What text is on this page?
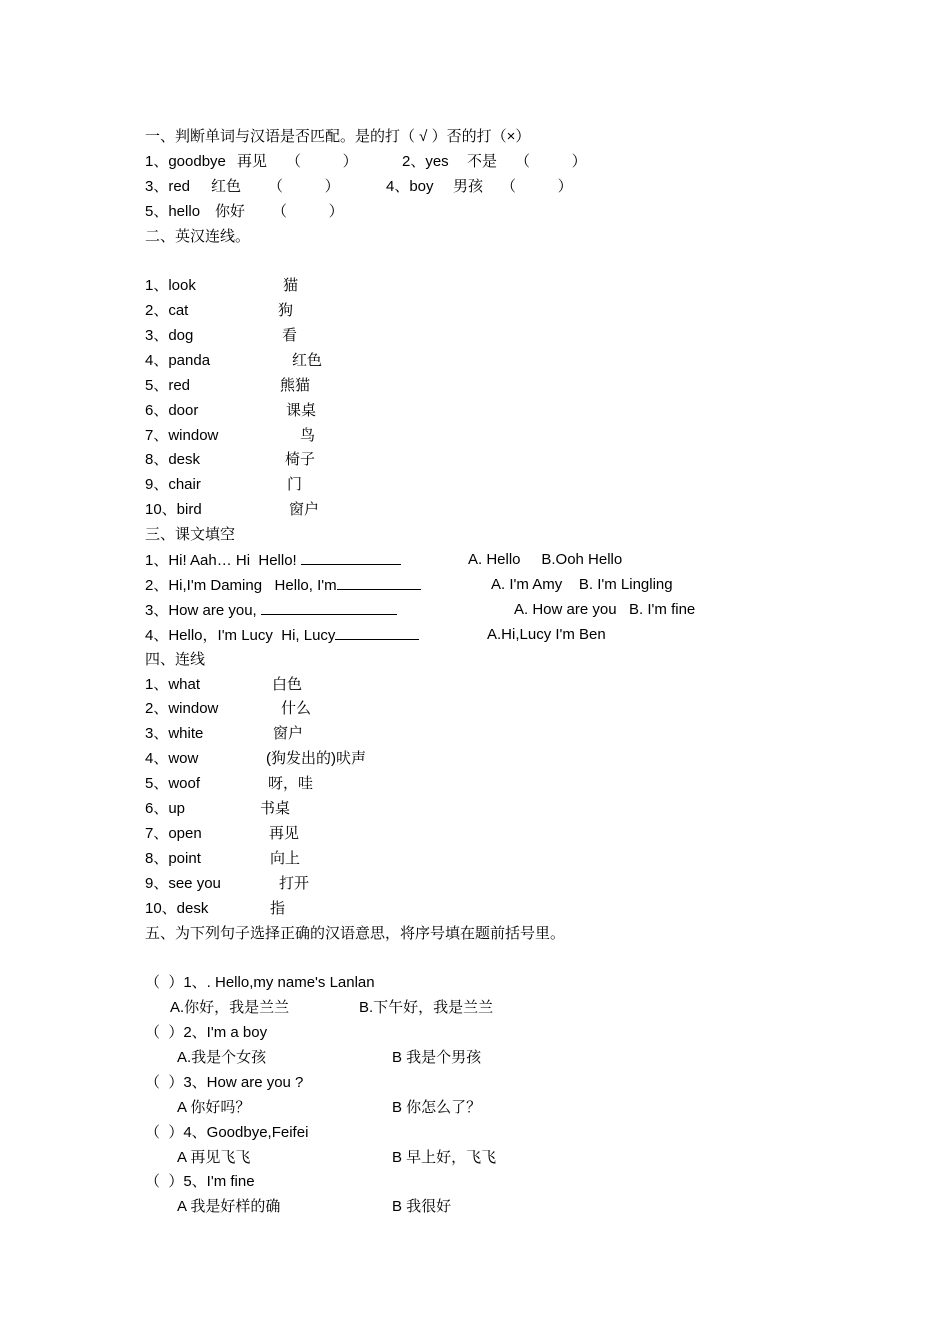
一、判断单词与汉语是否匹配。是的打（ √ ）否的打（×）
1、goodbye 再见 （          ）	2、yes 不是 （          ）
3、red 红色 （          ）	4、boy 男孩 （          ）
5、hello 你好 （          ）
二、英汉连线。
1、look	猫
2、cat	狗
3、dog	看
4、panda	红色
5、red	熊猫
6、door	课桌
7、window	鸟
8、desk	椅子
9、chair	门
10、bird	窗户
三、课文填空
1、Hi! Aah… Hi  Hello!	A. Hello     B.Ooh Hello
2、Hi,I'm Daming   Hello, I'm	A. I'm Amy    B. I'm Lingling
3、How are you,	A. How are you   B. I'm fine
4、Hello，I'm Lucy  Hi, Lucy	A.Hi,Lucy I'm Ben
四、连线
1、what	白色
2、window	什么
3、white	窗户
4、wow	(狗发出的)吠声
5、woof	呀，哇
6、up	书桌
7、open	再见
8、point	向上
9、see you	打开
10、desk	指
五、为下列句子选择正确的汉语意思，将序号填在题前括号里。
（  ）1、. Hello,my name's Lanlan
A.你好，我是兰兰	B.下午好，我是兰兰
（  ）2、I'm a boy
A.我是个女孩	B 我是个男孩
（  ）3、How are you ?
A 你好吗？	B 你怎么了？
（  ）4、Goodbye,Feifei
A 再见飞飞	B 早上好，飞飞
（  ）5、I'm fine
A 我是好样的确	B 我很好
